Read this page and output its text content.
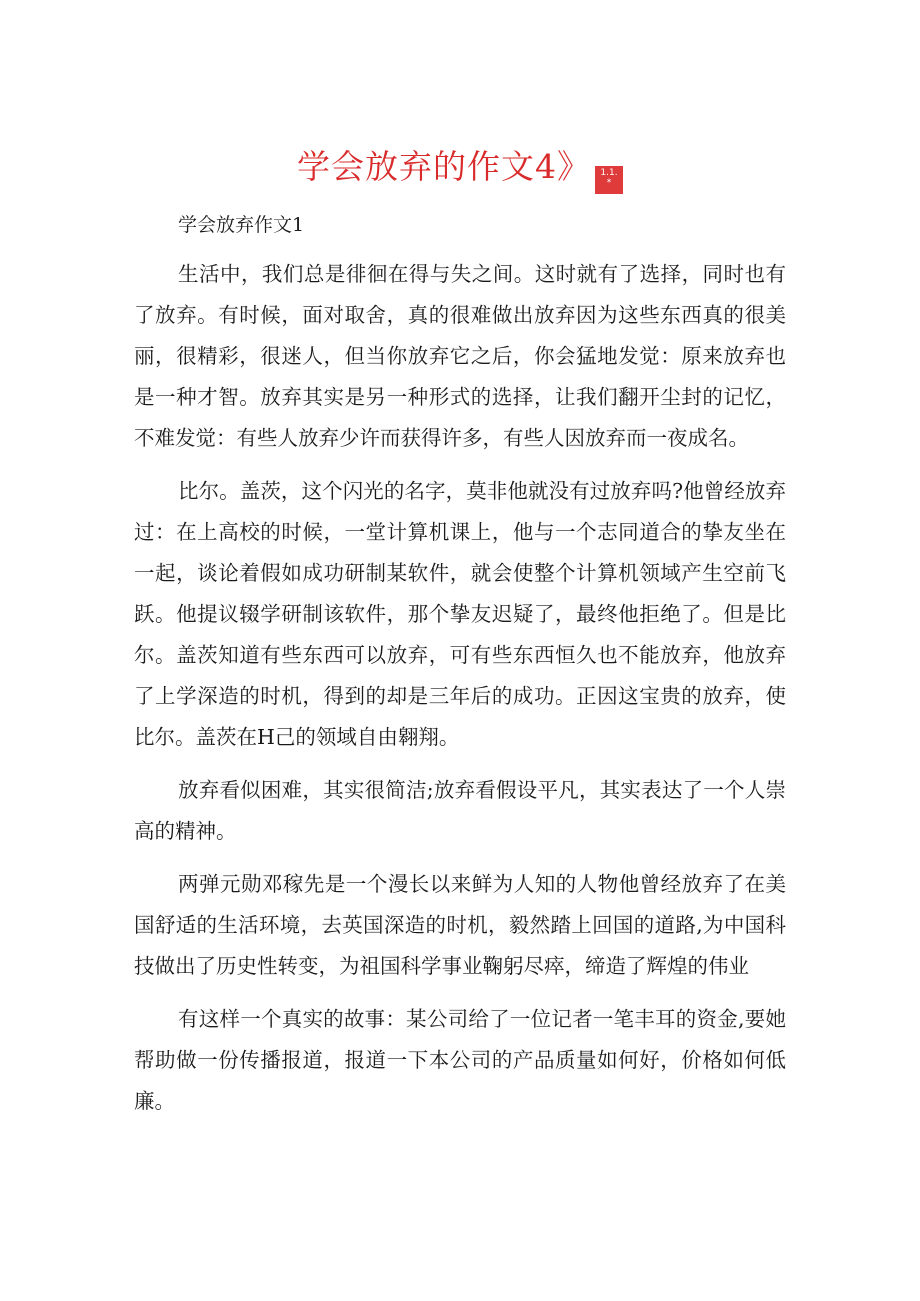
学会放弃的作文4》 1.1. *
学会放弃作文1

生活中，我们总是徘徊在得与失之间。这时就有了选择，同时也有了放弃。有时候，面对取舍，真的很难做出放弃因为这些东西真的很美丽，很精彩，很迷人，但当你放弃它之后，你会猛地发觉：原来放弃也是一种才智。放弃其实是另一种形式的选择，让我们翻开尘封的记忆，不难发觉：有些人放弃少许而获得许多，有些人因放弃而一夜成名。

比尔。盖茨，这个闪光的名字，莫非他就没有过放弃吗?他曾经放弃过：在上高校的时候，一堂计算机课上，他与一个志同道合的挚友坐在一起，谈论着假如成功研制某软件，就会使整个计算机领域产生空前飞跃。他提议辍学研制该软件，那个挚友迟疑了，最终他拒绝了。但是比尔。盖茨知道有些东西可以放弃，可有些东西恒久也不能放弃，他放弃了上学深造的时机，得到的却是三年后的成功。正因这宝贵的放弃，使比尔。盖茨在H己的领域自由翱翔。

放弃看似困难，其实很简洁;放弃看假设平凡，其实表达了一个人崇高的精神。

两弹元勋邓稼先是一个漫长以来鲜为人知的人物他曾经放弃了在美国舒适的生活环境，去英国深造的时机，毅然踏上回国的道路,为中国科技做出了历史性转变，为祖国科学事业鞠躬尽瘁，缔造了辉煌的伟业

有这样一个真实的故事：某公司给了一位记者一笔丰耳的资金,要她帮助做一份传播报道，报道一下本公司的产品质量如何好，价格如何低廉。
